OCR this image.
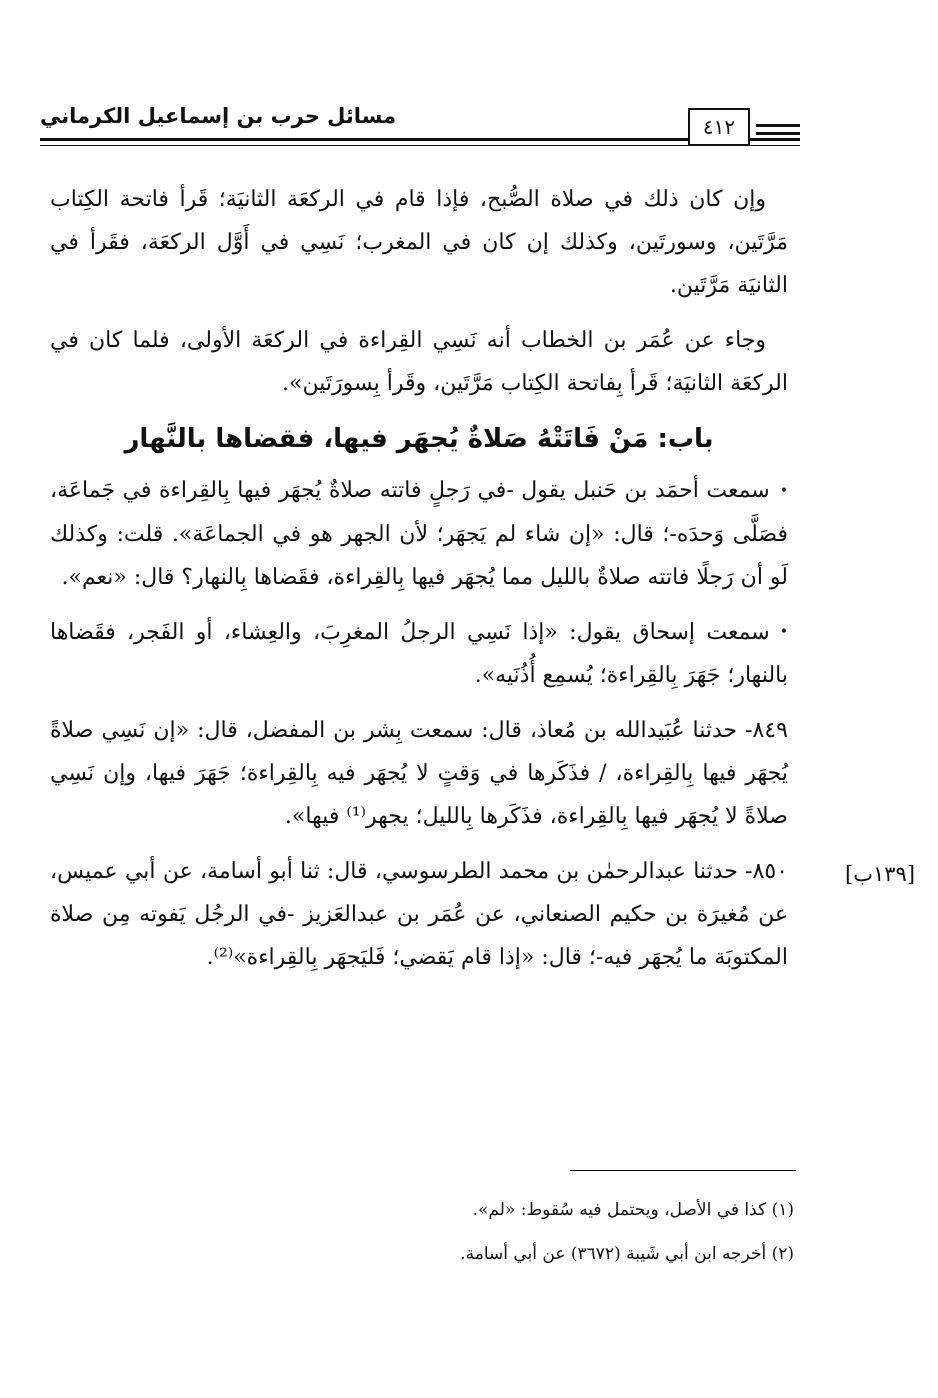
مسائل حرب بن إسماعيل الكرماني	٤١٢

وإن كان ذلك في صلاة الصُّبح، فإذا قام في الركعَة الثانيَة؛ قَرأ فاتحة الكِتاب مَرَّتَين، وسورتَين، وكذلك إن كان في المغرب؛ نَسِي في أَوَّل الركعَة، فقَرأ في الثانيَة مَرَّتَين.

وجاء عن عُمَر بن الخطاب أنه نَسِي القِراءة في الركعَة الأولى، فلما كان في الركعَة الثانيَة؛ قَرأ بِفاتحة الكِتاب مَرَّتَين، وقَرأ بِسورَتَين».

باب: مَنْ فَاتَتْهُ صَلاةٌ يُجهَر فيها، فقضاها بالنَّهار

•سمعت أحمَد بن حَنبل يقول -في رَجلٍ فاتته صلاةٌ يُجهَر فيها بِالقِراءة في جَماعَة، فصَلَّى وَحدَه-؛ قال: «إن شاء لم يَجهَر؛ لأن الجهر هو في الجماعَة». قلت: وكذلك لَو أن رَجلًا فاتته صلاةٌ بالليل مما يُجهَر فيها بِالقِراءة، فقَضاها بِالنهار؟ قال: «نعم».

•سمعت إسحاق يقول: «إذا نَسِي الرجلُ المغرِبَ، والعِشاء، أو الفَجر، فقَضاها بالنهار؛ جَهَرَ بِالقِراءة؛ يُسمِع أُذُنَيه».

٨٤٩- حدثنا عُبَيدالله بن مُعاذ، قال: سمعت بِشر بن المفضل، قال: «إن نَسِي صلاةً يُجهَر فيها بِالقِراءة، / فذَكَرها في وَقتٍ لا يُجهَر فيه بِالقِراءة؛ جَهَرَ فيها، وإن نَسِي صلاةً لا يُجهَر فيها بِالقِراءة، فذَكَرها بِالليل؛ يجهر⁽¹⁾ فيها».

٨٥٠- حدثنا عبدالرحمٰن بن محمد الطرسوسي، قال: ثنا أبو أسامة، عن أبي عميس، عن مُغيرَة بن حكيم الصنعاني، عن عُمَر بن عبدالعَزيز -في الرجُل يَفوته مِن صلاة المكتوبَة ما يُجهَر فيه-؛ قال: «إذا قام يَقضي؛ فَليَجهَر بِالقِراءة»⁽²⁾.

[١٣٩ب]

(١) كذا في الأصل، ويحتمل فيه سُقوط: «لم».

(٢) أخرجه ابن أبي شَيبة (٣٦٧٢) عن أبي أسامة.
